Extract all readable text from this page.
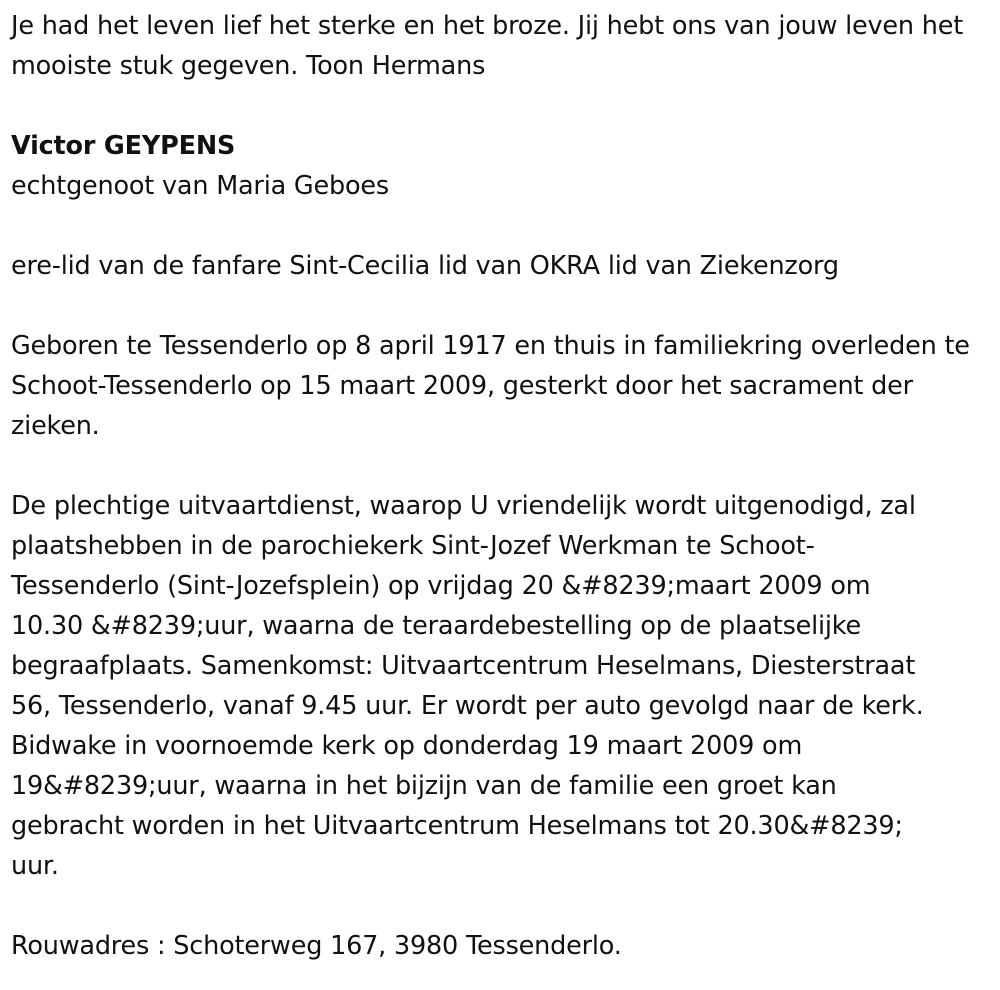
Je had het leven lief het sterke en het broze. Jij hebt ons van jouw leven het mooiste stuk gegeven. Toon Hermans

Victor GEYPENS

echtgenoot van Maria Geboes

ere-lid van de fanfare Sint-Cecilia lid van OKRA lid van Ziekenzorg

Geboren te Tessenderlo op 8 april 1917 en thuis in familiekring overleden te Schoot-Tessenderlo op 15 maart 2009, gesterkt door het sacrament der zieken.

De plechtige uitvaartdienst, waarop U vriendelijk wordt uitgenodigd, zal

plaatshebben in de parochiekerk Sint-Jozef Werkman te Schoot-

Tessenderlo (Sint-Jozefsplein) op vrijdag 20 &#8239;maart 2009 om

10.30 &#8239;uur, waarna de teraardebestelling op de plaatselijke

begraafplaats. Samenkomst: Uitvaartcentrum Heselmans, Diesterstraat

56, Tessenderlo, vanaf 9.45 uur. Er wordt per auto gevolgd naar de kerk.

Bidwake in voornoemde kerk op donderdag 19 maart 2009 om

19&#8239;uur, waarna in het bijzijn van de familie een groet kan

gebracht worden in het Uitvaartcentrum Heselmans tot 20.30&#8239;

uur.

Rouwadres : Schoterweg 167, 3980 Tessenderlo.
